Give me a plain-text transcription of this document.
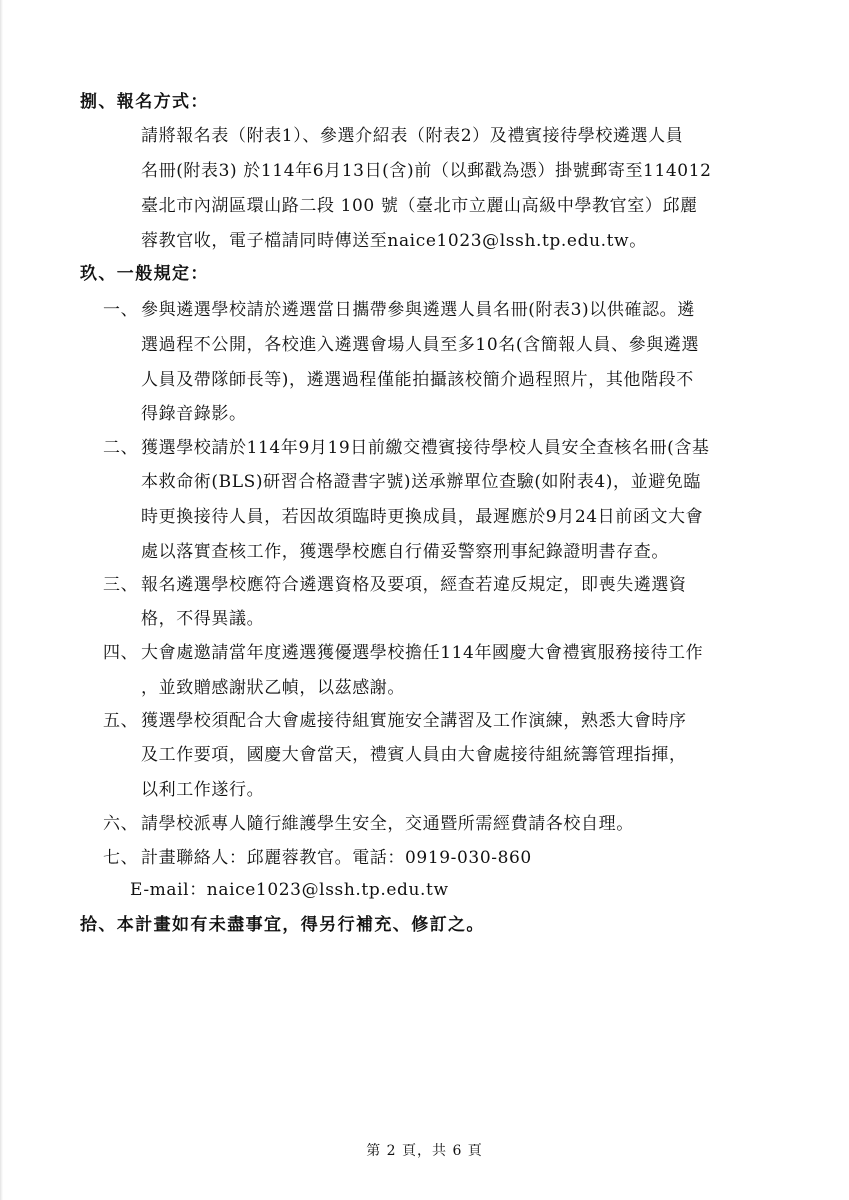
捌、報名方式：
請將報名表（附表1）、參選介紹表（附表2）及禮賓接待學校遴選人員
名冊(附表3) 於114年6月13日(含)前（以郵戳為憑）掛號郵寄至114012
臺北市內湖區環山路二段 100 號（臺北市立麗山高級中學教官室）邱麗
蓉教官收，電子檔請同時傳送至naice1023@lssh.tp.edu.tw。
玖、一般規定：
一、 參與遴選學校請於遴選當日攜帶參與遴選人員名冊(附表3)以供確認。遴
選過程不公開，各校進入遴選會場人員至多10名(含簡報人員、參與遴選
人員及帶隊師長等)，遴選過程僅能拍攝該校簡介過程照片，其他階段不
得錄音錄影。
二、 獲選學校請於114年9月19日前繳交禮賓接待學校人員安全查核名冊(含基
本救命術(BLS)研習合格證書字號)送承辦單位查驗(如附表4)，並避免臨
時更換接待人員，若因故須臨時更換成員，最遲應於9月24日前函文大會
處以落實查核工作，獲選學校應自行備妥警察刑事紀錄證明書存查。
三、 報名遴選學校應符合遴選資格及要項，經查若違反規定，即喪失遴選資
格，不得異議。
四、 大會處邀請當年度遴選獲優選學校擔任114年國慶大會禮賓服務接待工作
，並致贈感謝狀乙幀，以茲感謝。
五、 獲選學校須配合大會處接待組實施安全講習及工作演練，熟悉大會時序
及工作要項，國慶大會當天，禮賓人員由大會處接待組統籌管理指揮，
以利工作遂行。
六、 請學校派專人隨行維護學生安全，交通暨所需經費請各校自理。
七、 計畫聯絡人：邱麗蓉教官。電話：0919-030-860
E-mail：naice1023@lssh.tp.edu.tw
拾、本計畫如有未盡事宜，得另行補充、修訂之。
第 2 頁，共 6 頁
